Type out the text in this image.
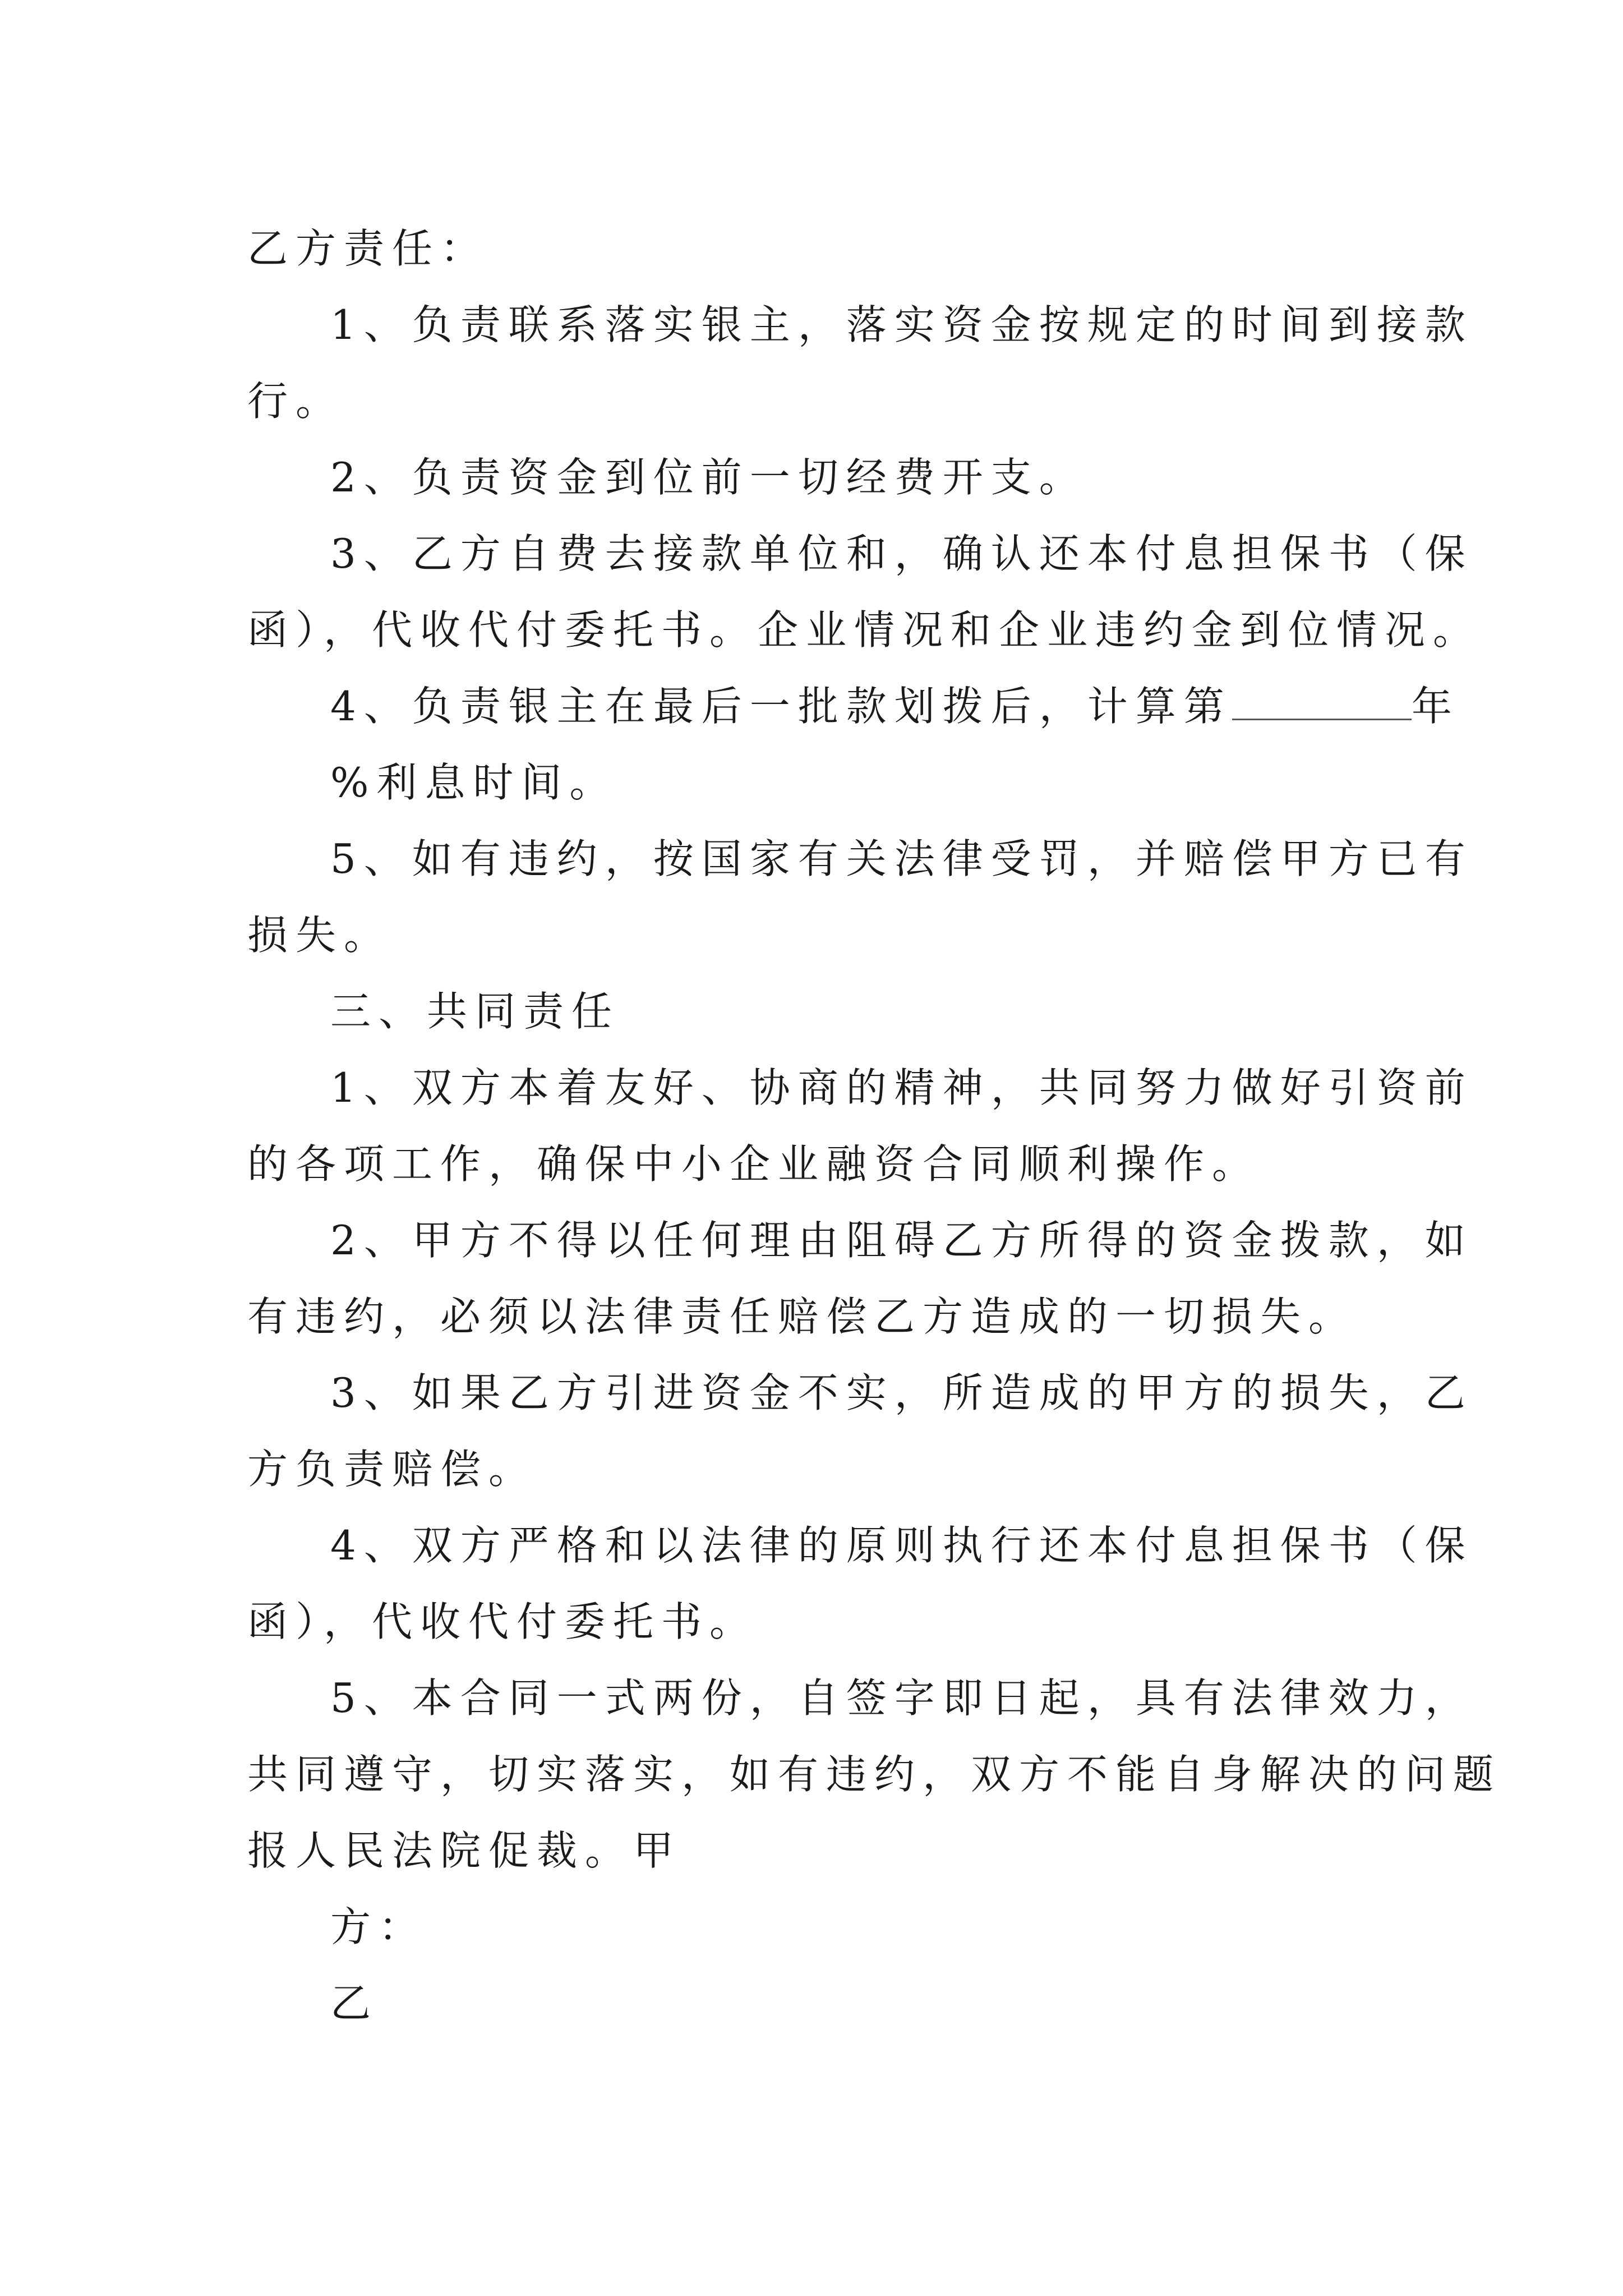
乙方责任：
1、负责联系落实银主，落实资金按规定的时间到接款
行。
2、负责资金到位前一切经费开支。
3、乙方自费去接款单位和，确认还本付息担保书（保
函），代收代付委托书。企业情况和企业违约金到位情况。
4、负责银主在最后一批款划拨后，计算第	年
%利息时间。
5、如有违约，按国家有关法律受罚，并赔偿甲方已有
损失。
三、共同责任
1、双方本着友好、协商的精神，共同努力做好引资前
的各项工作，确保中小企业融资合同顺利操作。
2、甲方不得以任何理由阻碍乙方所得的资金拨款，如
有违约，必须以法律责任赔偿乙方造成的一切损失。
3、如果乙方引进资金不实，所造成的甲方的损失，乙
方负责赔偿。
4、双方严格和以法律的原则执行还本付息担保书（保
函），代收代付委托书。
5、本合同一式两份，自签字即日起，具有法律效力，
共同遵守，切实落实，如有违约，双方不能自身解决的问题
报人民法院促裁。甲
方：
乙
